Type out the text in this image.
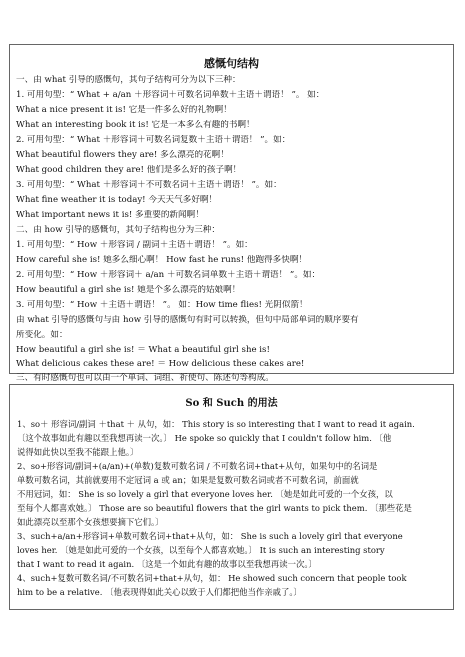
感慨句结构
一、由 what 引导的感慨句，其句子结构可分为以下三种：
1. 可用句型：“ What + a/an ＋形容词＋可数名词单数＋主语＋谓语！ ”。 如：
What a nice present it is! 它是一件多么好的礼物啊！
What an interesting book it is! 它是一本多么有趣的书啊！
2. 可用句型：“ What ＋形容词＋可数名词复数＋主语＋谓语！ ”。如：
What beautiful flowers they are! 多么漂亮的花啊！
What good children they are! 他们是多么好的孩子啊！
3. 可用句型：“ What ＋形容词＋不可数名词＋主语＋谓语！ ”。如：
What fine weather it is today! 今天天气多好啊！
What important news it is! 多重要的新闻啊！
二、由 how 引导的感慨句，其句子结构也分为三种：
1. 可用句型：“ How ＋形容词 / 副词＋主语＋谓语！ ”。如：
How careful she is! 她多么细心啊！ How fast he runs! 他跑得多快啊！
2. 可用句型：“ How ＋形容词＋ a/an ＋可数名词单数＋主语＋谓语！ ”。如：
How beautiful a girl she is! 她是个多么漂亮的姑娘啊！
3. 可用句型：“ How ＋主语＋谓语！ ”。 如：How time flies! 光阴似箭！
由 what 引导的感慨句与由 how 引导的感慨句有时可以转换，但句中局部单词的顺序要有
所变化。如：
How beautiful a girl she is! ＝ What a beautiful girl she is!
What delicious cakes these are! ＝ How delicious these cakes are!
三、有时感慨句也可以由一个单词、词组、祈使句、陈述句等构成。
So 和 Such 的用法
1、so＋ 形容词/副词 ＋that ＋ 从句，如： This story is so interesting that I want to read it again.
〔这个故事如此有趣以至我想再读一次。〕 He spoke so quickly that I couldn't follow him. 〔他
说得如此快以至我不能跟上他。〕
2、so+形容词/副词+(a/an)+(单数)复数可数名词 / 不可数名词+that+从句，如果句中的名词是
单数可数名词，其前就要用不定冠词 a 或 an；如果是复数可数名词或者不可数名词，前面就
不用冠词，如： She is so lovely a girl that everyone loves her. 〔她是如此可爱的一个女孩，以
至每个人都喜欢她。〕 Those are so beautiful flowers that the girl wants to pick them. 〔那些花是
如此漂亮以至那个女孩想要摘下它们。〕
3、such+a/an+形容词+单数可数名词+that+从句，如： She is such a lovely girl that everyone
loves her. 〔她是如此可爱的一个女孩，以至每个人都喜欢她。〕 It is such an interesting story
that I want to read it again. 〔这是一个如此有趣的故事以至我想再读一次。〕
4、such+复数可数名词/不可数名词+that+从句，如： He showed such concern that people took
him to be a relative. 〔他表现得如此关心以致于人们都把他当作亲戚了。〕
